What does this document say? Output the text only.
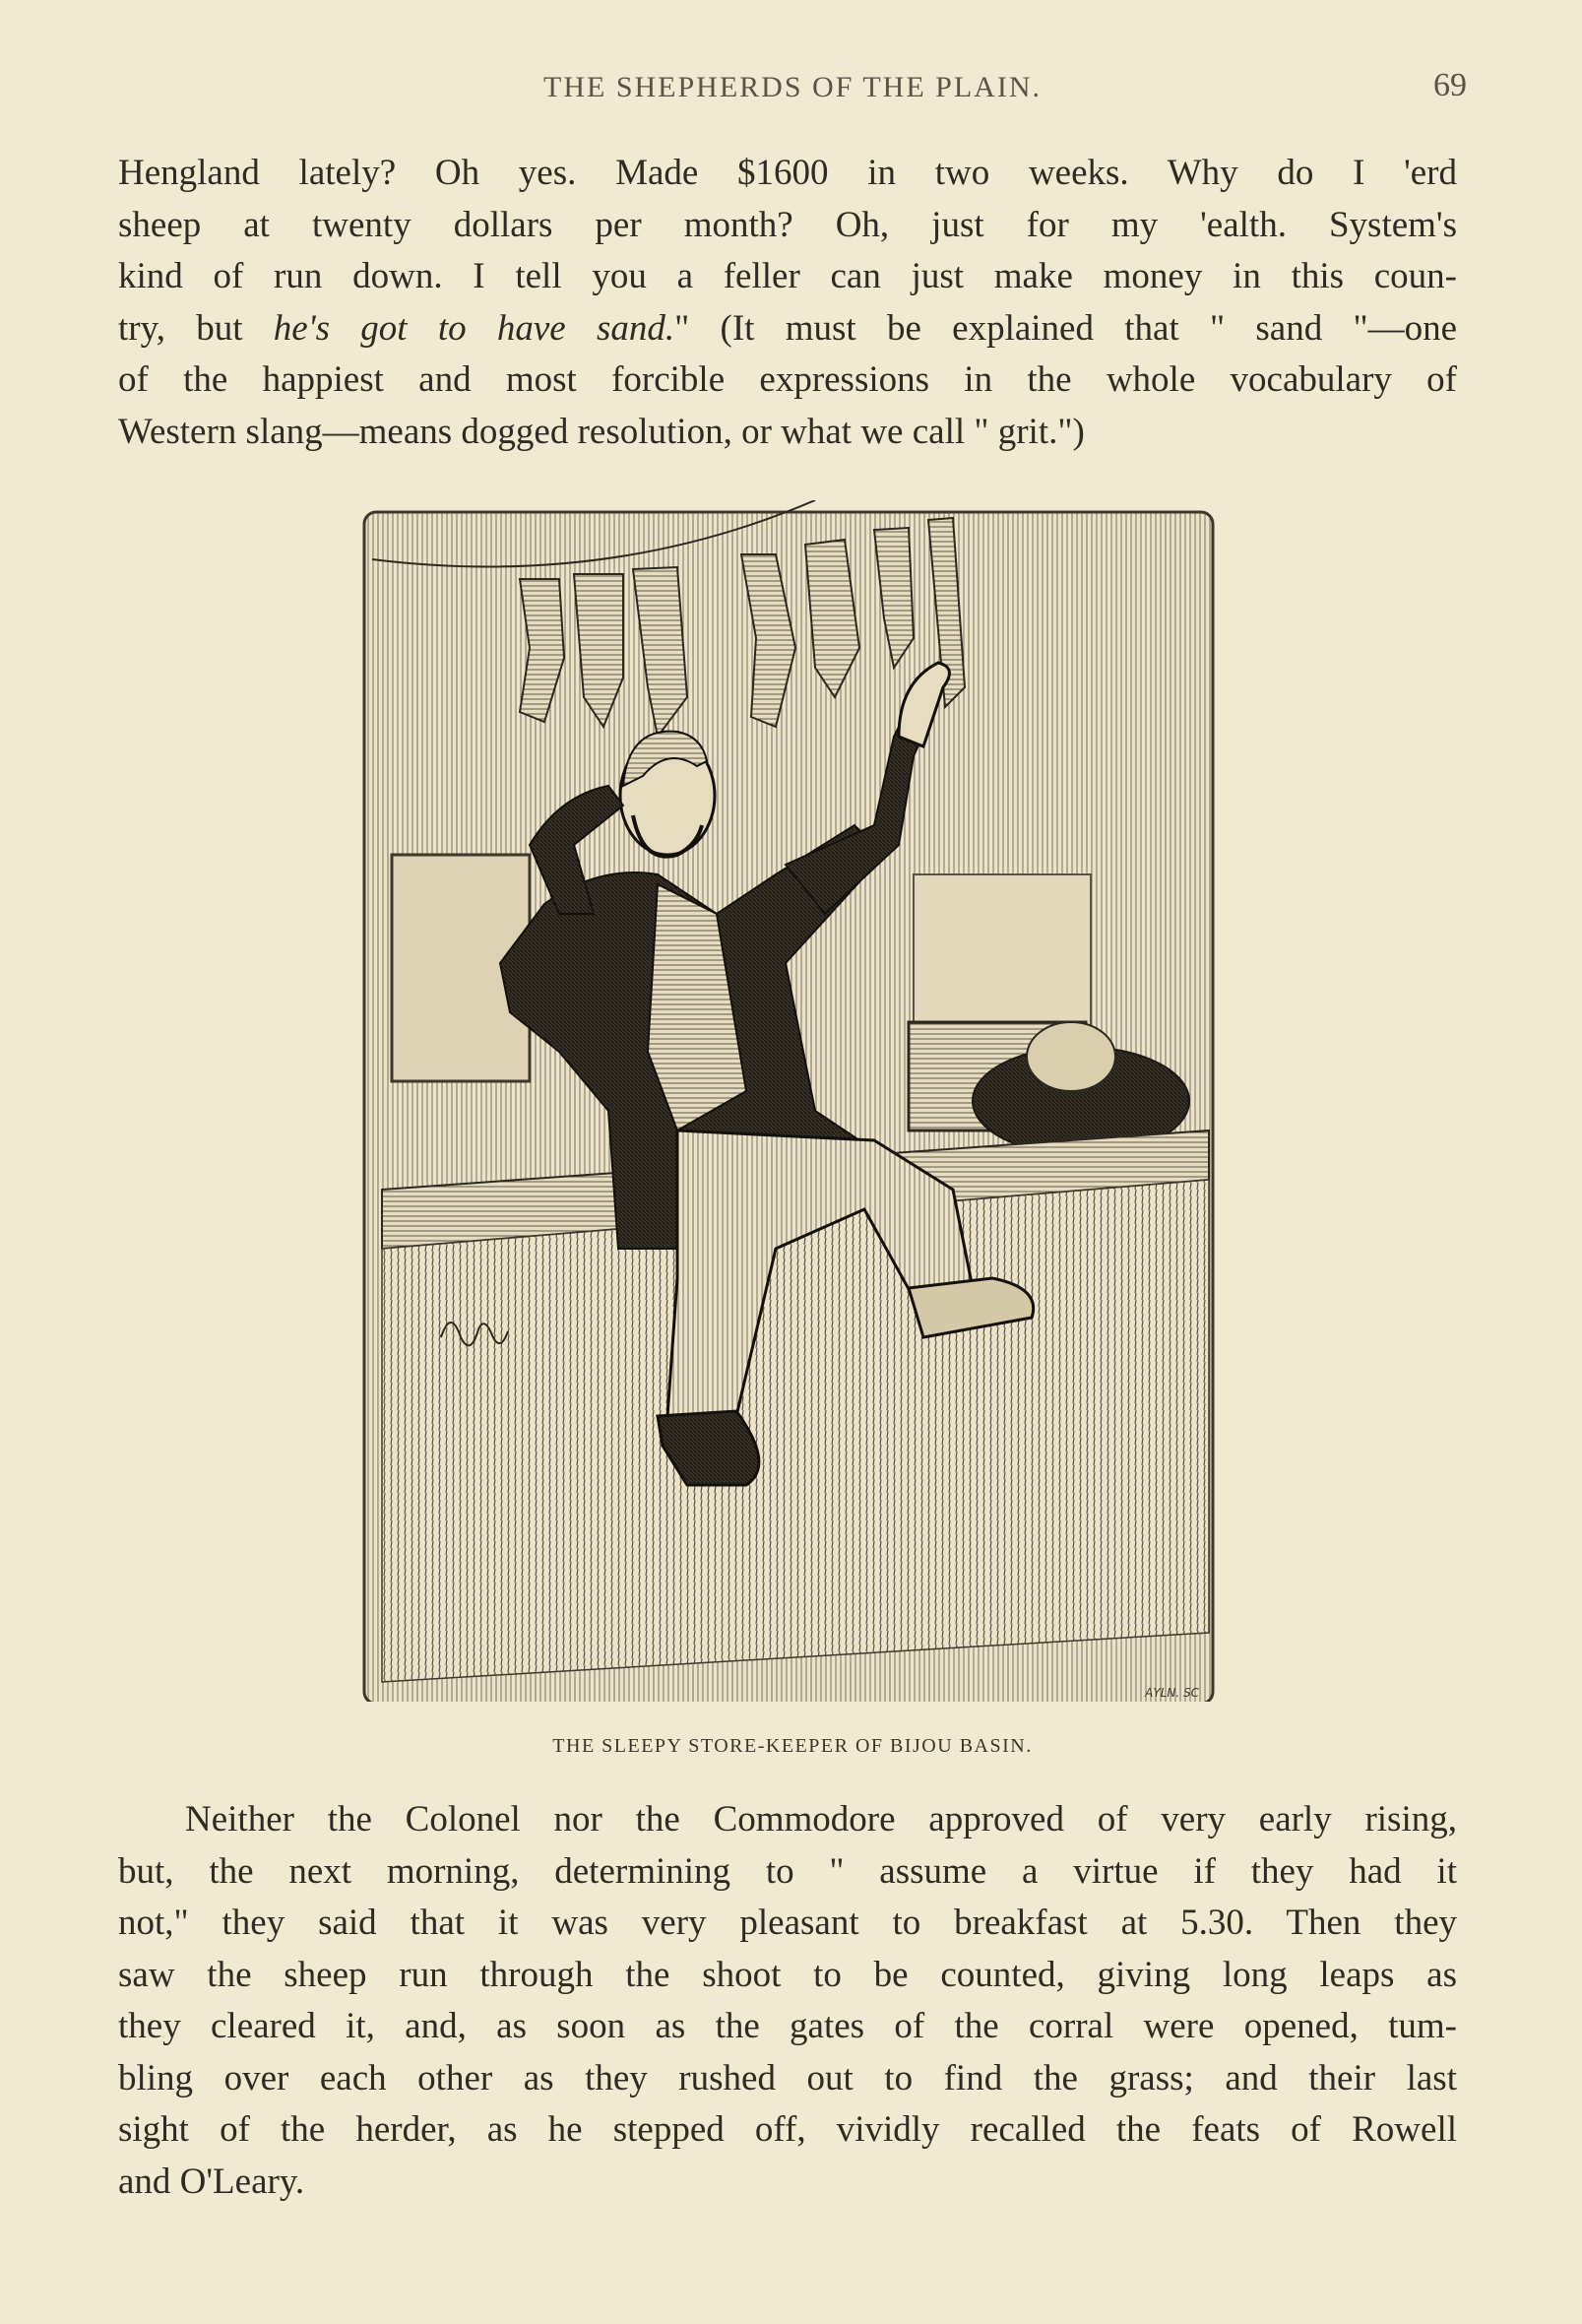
THE SHEPHERDS OF THE PLAIN.	69
Hengland lately? Oh yes. Made $1600 in two weeks. Why do I 'erd
sheep at twenty dollars per month? Oh, just for my 'ealth. System's
kind of run down. I tell you a feller can just make money in this coun-
try, but he's got to have sand." (It must be explained that " sand "—one
of the happiest and most forcible expressions in the whole vocabulary of
Western slang—means dogged resolution, or what we call " grit.")
AYLN. SC
THE SLEEPY STORE-KEEPER OF BIJOU BASIN.
Neither the Colonel nor the Commodore approved of very early rising,
but, the next morning, determining to " assume a virtue if they had it
not," they said that it was very pleasant to breakfast at 5.30. Then they
saw the sheep run through the shoot to be counted, giving long leaps as
they cleared it, and, as soon as the gates of the corral were opened, tum-
bling over each other as they rushed out to find the grass; and their last
sight of the herder, as he stepped off, vividly recalled the feats of Rowell
and O'Leary.
